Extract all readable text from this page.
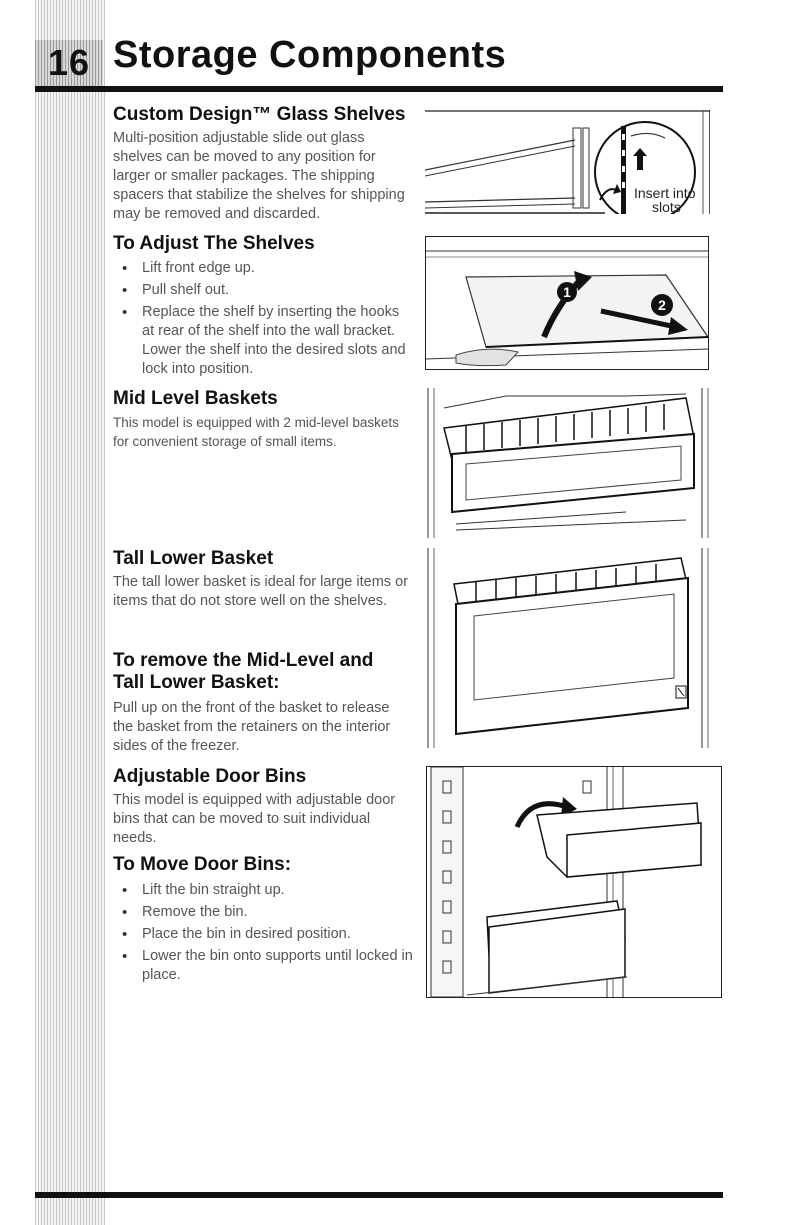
16 Storage Components
Custom Design™ Glass Shelves

Multi-position adjustable slide out glass shelves can be moved to any position for larger or smaller packages. The shipping spacers that stabilize the shelves for shipping may be removed and discarded.

To Adjust The Shelves
• Lift front edge up.
• Pull shelf out.
• Replace the shelf by inserting the hooks at rear of the shelf into the wall bracket. Lower the shelf into the desired slots and lock into position.
Mid Level Baskets

This model is equipped with 2 mid-level baskets for convenient storage of small items.

Tall Lower Basket

The tall lower basket is ideal for large items or items that do not store well on the shelves.

To remove the Mid-Level and
Tall Lower Basket:

Pull up on the front of the basket to release the basket from the retainers on the interior sides of the freezer.

Adjustable Door Bins

This model is equipped with adjustable door bins that can be moved to suit individual needs.

To Move Door Bins:
• Lift the bin straight up.
• Remove the bin.
• Place the bin in desired position.
• Lower the bin onto supports until locked in place.
Insert into
slots
1
2
